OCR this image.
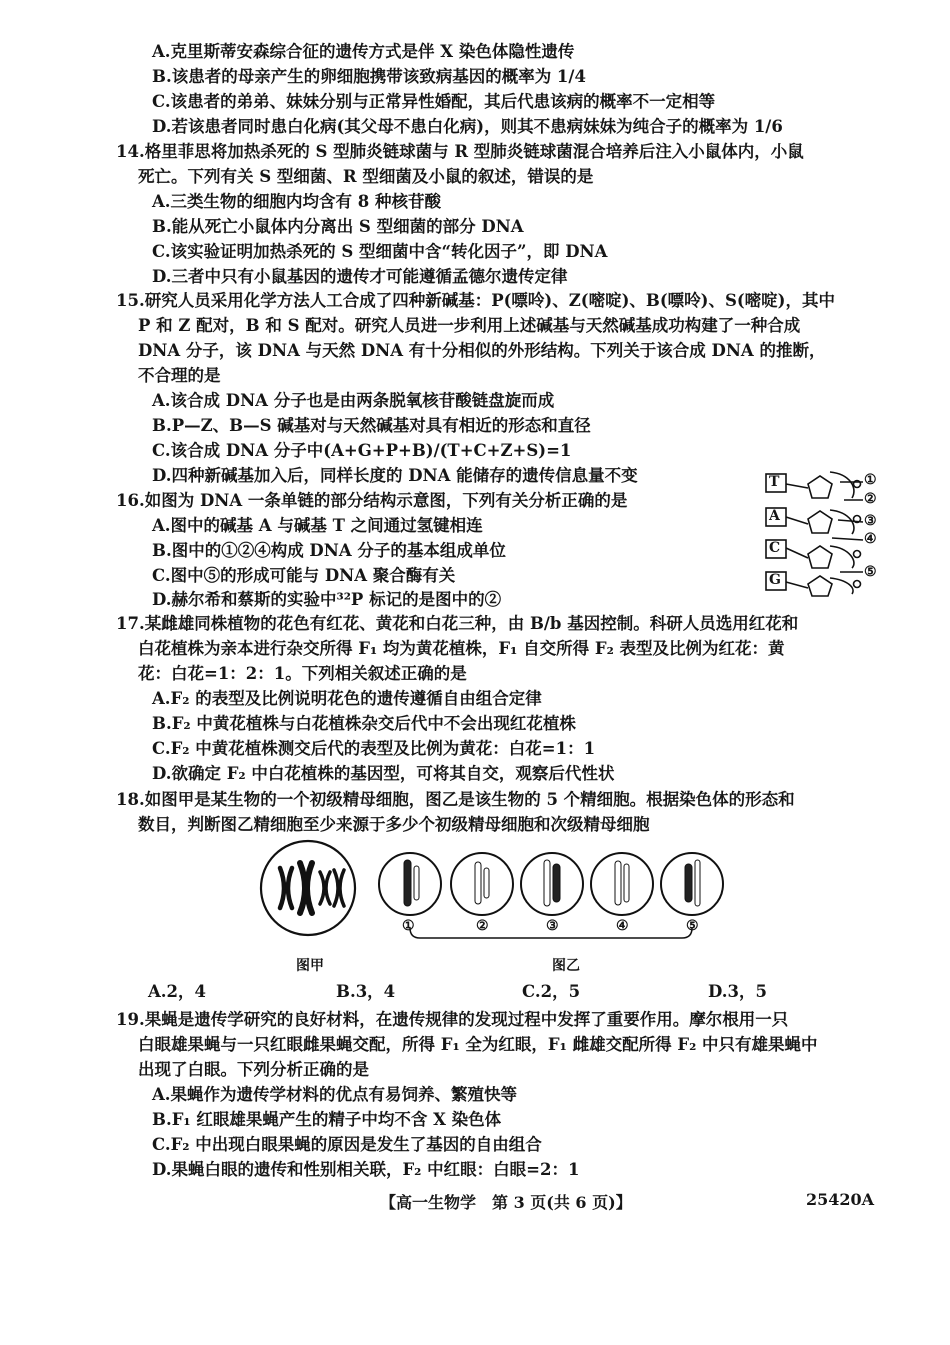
A.克里斯蒂安森综合征的遗传方式是伴 X 染色体隐性遗传
B.该患者的母亲产生的卵细胞携带该致病基因的概率为 1/4
C.该患者的弟弟、妹妹分别与正常异性婚配，其后代患该病的概率不一定相等
D.若该患者同时患白化病(其父母不患白化病)，则其不患病妹妹为纯合子的概率为 1/6
14.格里菲思将加热杀死的 S 型肺炎链球菌与 R 型肺炎链球菌混合培养后注入小鼠体内，小鼠
死亡。下列有关 S 型细菌、R 型细菌及小鼠的叙述，错误的是
A.三类生物的细胞内均含有 8 种核苷酸
B.能从死亡小鼠体内分离出 S 型细菌的部分 DNA
C.该实验证明加热杀死的 S 型细菌中含“转化因子”，即 DNA
D.三者中只有小鼠基因的遗传才可能遵循孟德尔遗传定律
15.研究人员采用化学方法人工合成了四种新碱基：P(嘌呤)、Z(嘧啶)、B(嘌呤)、S(嘧啶)，其中
P 和 Z 配对，B 和 S 配对。研究人员进一步利用上述碱基与天然碱基成功构建了一种合成
DNA 分子，该 DNA 与天然 DNA 有十分相似的外形结构。下列关于该合成 DNA 的推断，
不合理的是
A.该合成 DNA 分子也是由两条脱氧核苷酸链盘旋而成
B.P—Z、B—S 碱基对与天然碱基对具有相近的形态和直径
C.该合成 DNA 分子中(A+G+P+B)/(T+C+Z+S)=1
D.四种新碱基加入后，同样长度的 DNA 能储存的遗传信息量不变
16.如图为 DNA 一条单链的部分结构示意图，下列有关分析正确的是
A.图中的碱基 A 与碱基 T 之间通过氢键相连
B.图中的①②④构成 DNA 分子的基本组成单位
C.图中⑤的形成可能与 DNA 聚合酶有关
D.赫尔希和蔡斯的实验中³²P 标记的是图中的②
T
A
C
G
①
②
③
④
⑤
17.某雌雄同株植物的花色有红花、黄花和白花三种，由 B/b 基因控制。科研人员选用红花和
白花植株为亲本进行杂交所得 F₁ 均为黄花植株，F₁ 自交所得 F₂ 表型及比例为红花：黄
花：白花=1：2：1。下列相关叙述正确的是
A.F₂ 的表型及比例说明花色的遗传遵循自由组合定律
B.F₂ 中黄花植株与白花植株杂交后代中不会出现红花植株
C.F₂ 中黄花植株测交后代的表型及比例为黄花：白花=1：1
D.欲确定 F₂ 中白花植株的基因型，可将其自交，观察后代性状
18.如图甲是某生物的一个初级精母细胞，图乙是该生物的 5 个精细胞。根据染色体的形态和
数目，判断图乙精细胞至少来源于多少个初级精母细胞和次级精母细胞
①	②	③	④	⑤
图甲	图乙
A.2，4	B.3，4	C.2，5	D.3，5
19.果蝇是遗传学研究的良好材料，在遗传规律的发现过程中发挥了重要作用。摩尔根用一只
白眼雄果蝇与一只红眼雌果蝇交配，所得 F₁ 全为红眼，F₁ 雌雄交配所得 F₂ 中只有雄果蝇中
出现了白眼。下列分析正确的是
A.果蝇作为遗传学材料的优点有易饲养、繁殖快等
B.F₁ 红眼雄果蝇产生的精子中均不含 X 染色体
C.F₂ 中出现白眼果蝇的原因是发生了基因的自由组合
D.果蝇白眼的遗传和性别相关联，F₂ 中红眼：白眼=2：1
【高一生物学　第 3 页(共 6 页)】	25420A
